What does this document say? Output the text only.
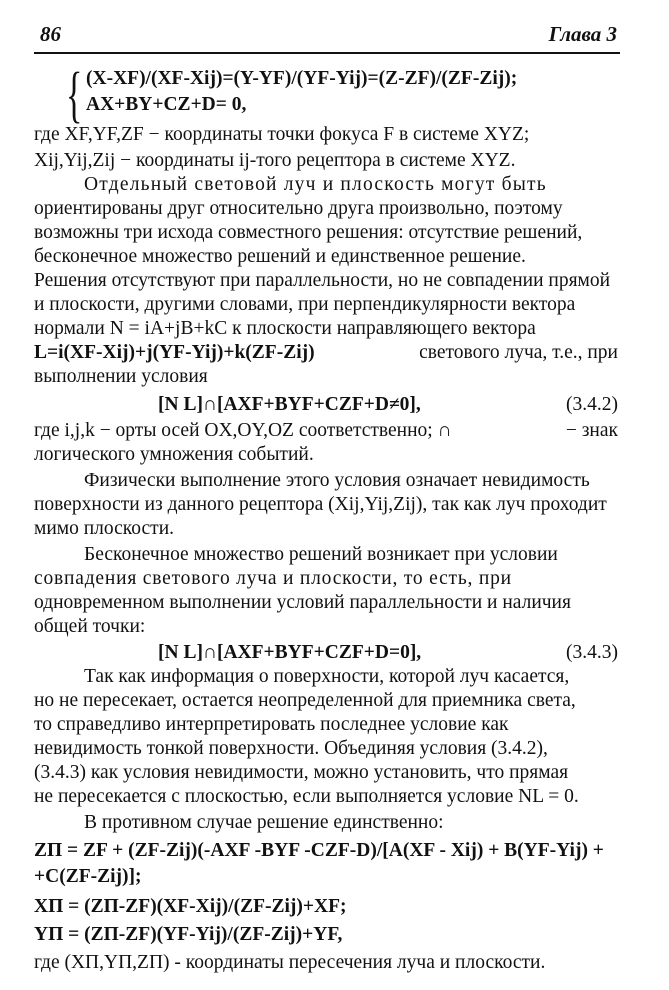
86	Глава 3
{ (X-XF)/(XF-Xij)=(Y-YF)/(YF-Yij)=(Z-ZF)/(ZF-Zij);
AX+BY+CZ+D= 0,
где XF,YF,ZF − координаты точки фокуса F в системе XYZ;
Xij,Yij,Zij − координаты ij-того рецептора в системе XYZ.
Отдельный световой луч и плоскость могут быть
ориентированы друг относительно друга произвольно, поэтому
возможны три исхода совместного решения: отсутствие решений,
бесконечное множество решений и единственное решение.
Решения отсутствуют при параллельности, но не совпадении прямой
и плоскости, другими словами, при перпендикулярности вектора
нормали N = iA+jB+kC к плоскости направляющего вектора
L=i(XF-Xij)+j(YF-Yij)+k(ZF-Zij)	светового луча, т.е., при
выполнении условия
[N L]∩[AXF+BYF+CZF+D≠0],	(3.4.2)
где i,j,k − орты осей OX,OY,OZ соответственно; ∩	− знак
логического умножения событий.
Физически выполнение этого условия означает невидимость
поверхности из данного рецептора (Xij,Yij,Zij), так как луч проходит
мимо плоскости.
Бесконечное множество решений возникает при условии
совпадения светового луча и плоскости, то есть, при
одновременном выполнении условий параллельности и наличия
общей точки:
[N L]∩[AXF+BYF+CZF+D=0],	(3.4.3)
Так как информация о поверхности, которой луч касается,
но не пересекает, остается неопределенной для приемника света,
то справедливо интерпретировать последнее условие как
невидимость тонкой поверхности. Объединяя условия (3.4.2),
(3.4.3) как условия невидимости, можно установить, что прямая
не пересекается с плоскостью, если выполняется условие NL = 0.
В противном случае решение единственно:
ZП = ZF + (ZF-Zij)(-AXF -BYF -CZF-D)/[A(XF - Xij) + B(YF-Yij) +
+C(ZF-Zij)];
XП = (ZП-ZF)(XF-Xij)/(ZF-Zij)+XF;
YП = (ZП-ZF)(YF-Yij)/(ZF-Zij)+YF,
где (XП,YП,ZП) - координаты пересечения луча и плоскости.
